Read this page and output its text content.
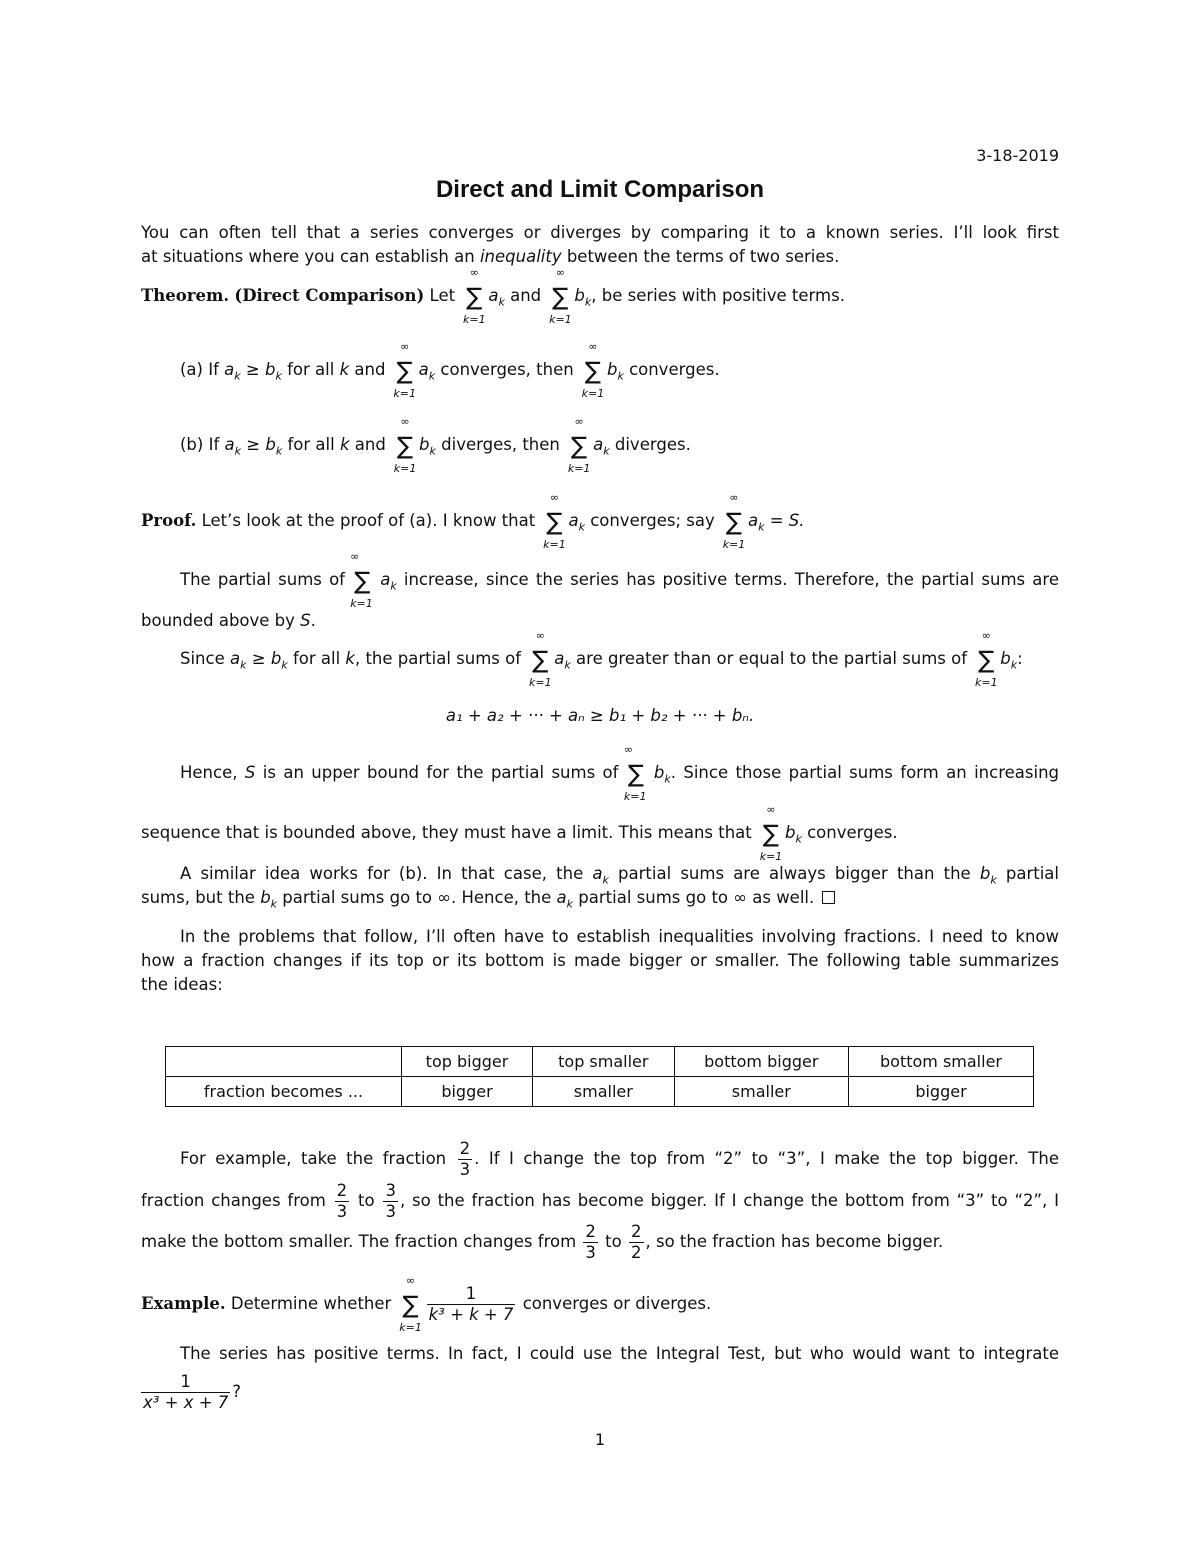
3-18-2019
Direct and Limit Comparison
You can often tell that a series converges or diverges by comparing it to a known series. I’ll look first
at situations where you can establish an inequality between the terms of two series.
Theorem. (Direct Comparison) Let
∞
∑
k=1
$a_k$ and
∞
∑
k=1
$b_k$, be series with positive terms.
(a) If $a_k \ge b_k$ for all k and
∞
∑
k=1
$a_k$ converges, then
∞
∑
k=1
$b_k$ converges.
(b) If $a_k \ge b_k$ for all k and
∞
∑
k=1
$b_k$ diverges, then
∞
∑
k=1
$a_k$ diverges.
Proof. Let’s look at the proof of (a). I know that
∞
∑
k=1
$a_k$ converges; say
∞
∑
k=1
$a_k = S$.
The partial sums of
∞
∑
k=1
$a_k$ increase, since the series has positive terms. Therefore, the partial sums are
bounded above by S.
Since $a_k \ge b_k$ for all k, the partial sums of
∞
∑
k=1
$a_k$ are greater than or equal to the partial sums of
∞
∑
k=1
$b_k$:
a₁ + a₂ + ··· + aₙ ≥ b₁ + b₂ + ··· + bₙ.
Hence, S is an upper bound for the partial sums of
∞
∑
k=1
$b_k$. Since those partial sums form an increasing
sequence that is bounded above, they must have a limit. This means that
∞
∑
k=1
$b_k$ converges.
A similar idea works for (b). In that case, the $a_k$ partial sums are always bigger than the $b_k$ partial
sums, but the $b_k$ partial sums go to ∞. Hence, the $a_k$ partial sums go to ∞ as well.
In the problems that follow, I’ll often have to establish inequalities involving fractions. I need to know
how a fraction changes if its top or its bottom is made bigger or smaller. The following table summarizes
the ideas:
	top bigger	top smaller	bottom bigger	bottom smaller
fraction becomes ...	bigger	smaller	smaller	bigger
For example, take the fraction $\frac{2}{3}$ . If I change the top from “2” to “3”, I make the top bigger. The
fraction changes from $\frac{2}{3}$ to $\frac{3}{3}$ , so the fraction has become bigger. If I change the bottom from “3” to “2”, I
make the bottom smaller. The fraction changes from $\frac{2}{3}$ to $\frac{2}{2}$ , so the fraction has become bigger.
Example. Determine whether
∞
∑
k=1
$\frac{1}{\text{k³ + k + 7}}$ converges or diverges.
The series has positive terms. In fact, I could use the Integral Test, but who would want to integrate
$\frac{1}{\text{x³ + x + 7}}$ ?
1
